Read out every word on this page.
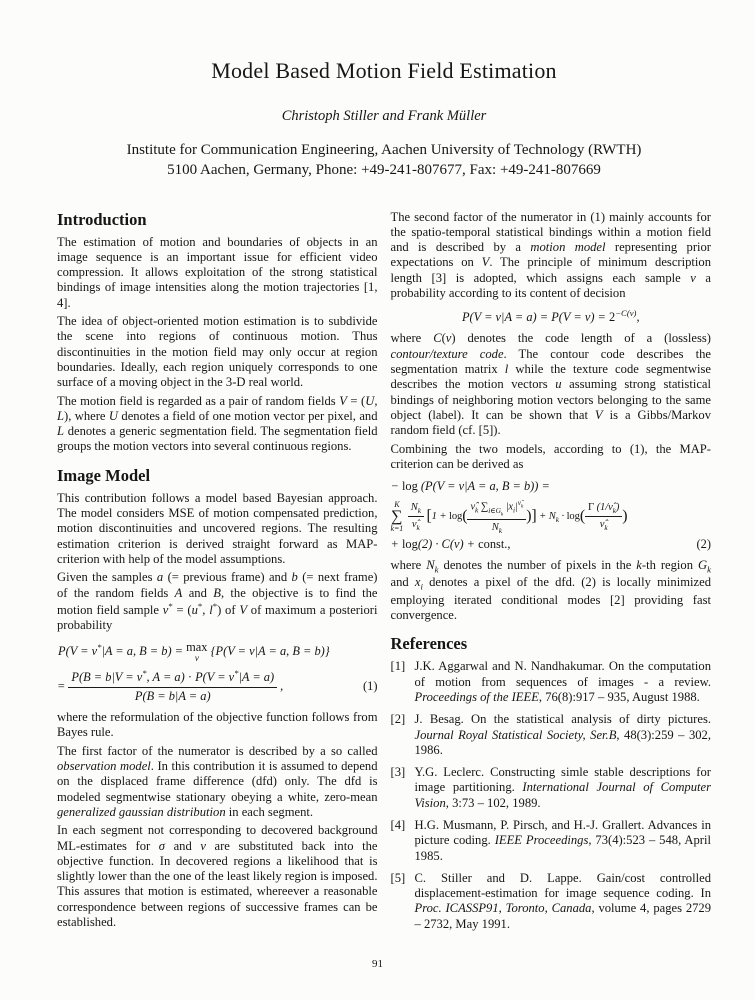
Model Based Motion Field Estimation
Christoph Stiller and Frank Müller
Institute for Communication Engineering, Aachen University of Technology (RWTH)
5100 Aachen, Germany, Phone: +49-241-807677, Fax: +49-241-807669
Introduction

The estimation of motion and boundaries of objects in an image sequence is an important issue for efficient video compression. It allows exploitation of the strong statistical bindings of image intensities along the motion trajectories [1, 4].

The idea of object-oriented motion estimation is to subdivide the scene into regions of continuous motion. Thus discontinuities in the motion field may only occur at region boundaries. Ideally, each region uniquely corresponds to one surface of a moving object in the 3-D real world.

The motion field is regarded as a pair of random fields V = (U, L), where U denotes a field of one motion vector per pixel, and L denotes a generic segmentation field. The segmentation field groups the motion vectors into several continuous regions.

Image Model

This contribution follows a model based Bayesian approach. The model considers MSE of motion compensated prediction, motion discontinuities and uncovered regions. The resulting estimation criterion is derived straight forward as MAP-criterion with help of the model assumptions.

Given the samples a (= previous frame) and b (= next frame) of the random fields A and B, the objective is to find the motion field sample v* = (u*, l*) of V of maximum a posteriori probability

P(V = v*|A = a, B = b) = max
v
{P(V = v|A = a, B = b)}
= $\frac{P(B = b|V = v^*, A = a) \cdot P(V = v^*|A = a)}{P(B = b|A = a)}$ ,	(1)

where the reformulation of the objective function follows from Bayes rule.

The first factor of the numerator is described by a so called observation model. In this contribution it is assumed to depend on the displaced frame difference (dfd) only. The dfd is modeled segmentwise stationary obeying a white, zero-mean generalized gaussian distribution in each segment.

In each segment not corresponding to decovered background ML-estimates for σ and ν are substituted back into the objective function. In decovered regions a likelihood that is slightly lower than the one of the least likely region is imposed. This assures that motion is estimated, whereever a reasonable correspondence between regions of successive frames can be established.

The second factor of the numerator in (1) mainly accounts for the spatio-temporal statistical bindings within a motion field and is described by a motion model representing prior expectations on V. The principle of minimum description length [3] is adopted, which assigns each sample v a probability according to its content of decision

$P(V = v|A = a) = P(V = v) = 2^{-C(v)}$,

where C(v) denotes the code length of a (lossless) contour/texture code. The contour code describes the segmentation matrix l while the texture code segmentwise describes the motion vectors u assuming strong statistical bindings of neighboring motion vectors belonging to the same object (label). It can be shown that V is a Gibbs/Markov random field (cf. [5]).

Combining the two models, according to (1), the MAP-criterion can be derived as

− log (P(V = v|A = a, B = b)) =
K
∑
k=1
$\frac{N_k}{\nû_k} [1 + \log( \frac{\nû_k \sum_{i\in G_k} |x_i|^{\nû_k}}{N_k}$ )] + $N_k \cdot \log( \frac{\Gamma (1/\nû_k)}{\nû_k}$ )
+ log(2) · C(v) + const.,	(2)

where $N_k$ denotes the number of pixels in the k-th region $G_k$ and $x_i$ denotes a pixel of the dfd. (2) is locally minimized employing iterated conditional modes [2] providing fast convergence.

References
[1] J.K. Aggarwal and N. Nandhakumar. On the computation of motion from sequences of images - a review. Proceedings of the IEEE, 76(8):917 – 935, August 1988.
[2] J. Besag. On the statistical analysis of dirty pictures. Journal Royal Statistical Society, Ser.B, 48(3):259 – 302, 1986.
[3] Y.G. Leclerc. Constructing simle stable descriptions for image partitioning. International Journal of Computer Vision, 3:73 – 102, 1989.
[4] H.G. Musmann, P. Pirsch, and H.-J. Grallert. Advances in picture coding. IEEE Proceedings, 73(4):523 – 548, April 1985.
[5] C. Stiller and D. Lappe. Gain/cost controlled displacement-estimation for image sequence coding. In Proc. ICASSP91, Toronto, Canada, volume 4, pages 2729 – 2732, May 1991.
91
